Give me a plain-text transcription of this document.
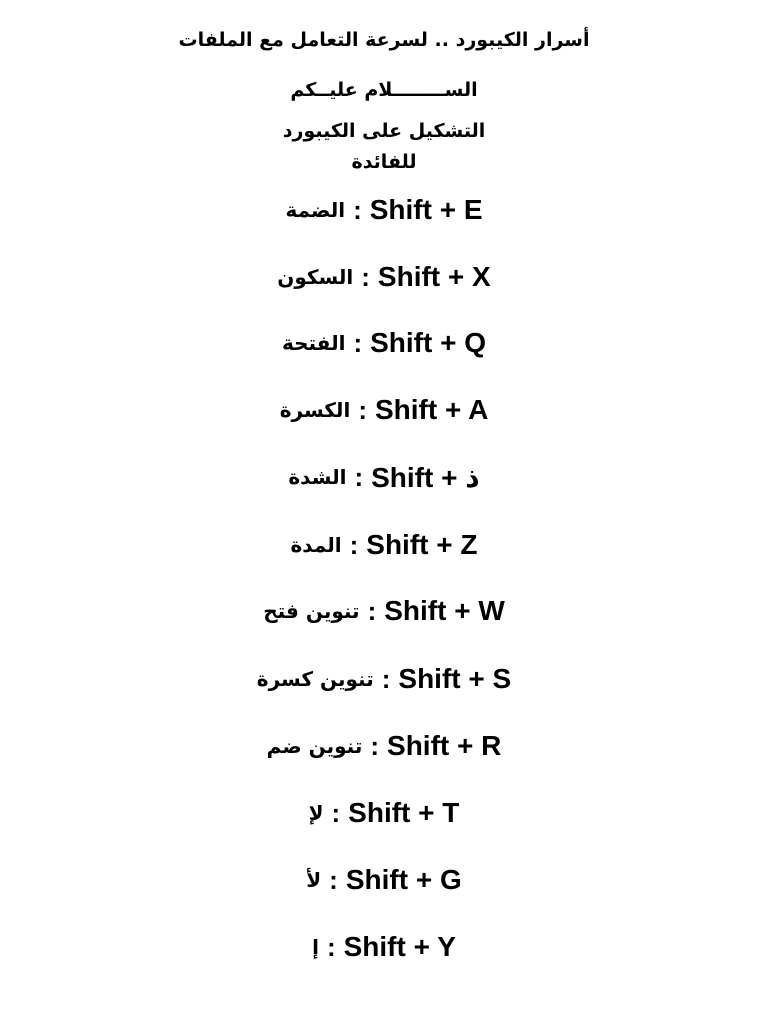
أسرار الكيبورد .. لسرعة التعامل مع الملفات
الســــــــلام عليــكم
التشكيل على الكيبورد
للفائدة
الضمة : Shift + E
السكون : Shift + X
الفتحة : Shift + Q
الكسرة : Shift + A
الشدة : Shift + ذ
المدة : Shift + Z
تنوين فتح : Shift + W
تنوين كسرة : Shift + S
تنوين ضم : Shift + R
لإ : Shift + T
لأ : Shift + G
إ : Shift + Y
